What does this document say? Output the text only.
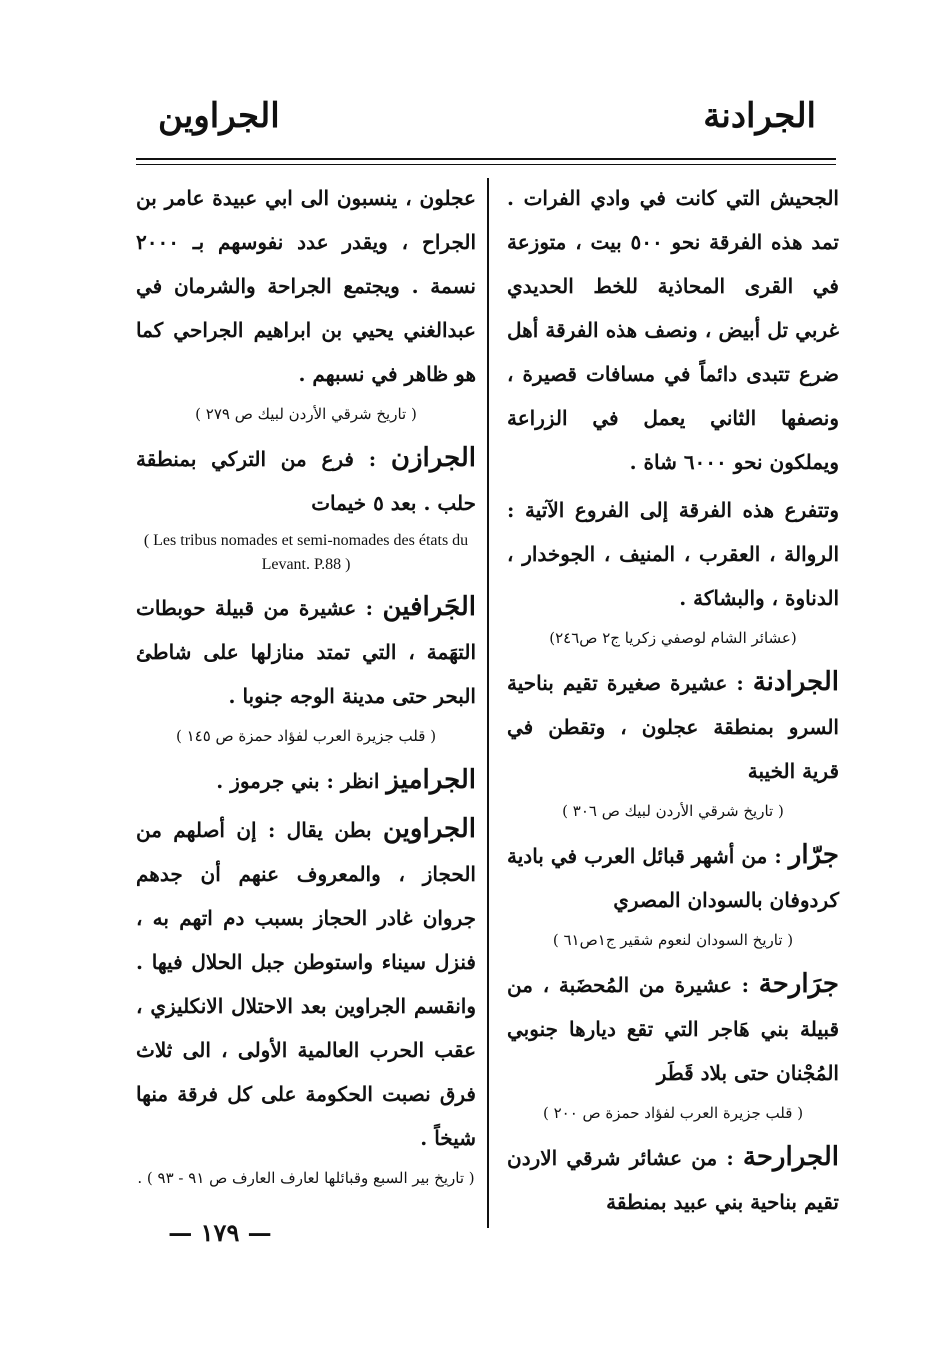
الجرادنة
الجراوين

الجحيش التي كانت في وادي الفرات . تمد هذه الفرقة نحو ٥٠٠ بيت ، متوزعة في القرى المحاذية للخط الحديدي غربي تل أبيض ، ونصف هذه الفرقة أهل ضرع تتبدى دائماً في مسافات قصيرة ، ونصفها الثاني يعمل في الزراعة ويملكون نحو ٦٠٠٠ شاة .

وتتفرع هذه الفرقة إلى الفروع الآتية : الروالة ، العقرب ، المنيف ، الجوخدار ، الدناوة ، والبشاكة .

(عشائر الشام لوصفي زكريا ج٢ ص٢٤٦)

الجرادنة : عشيرة صغيرة تقيم بناحية السرو بمنطقة عجلون ، وتقطن في قرية الخيبة

( تاريخ شرقي الأردن لبيك ص ٣٠٦ )

جرّار : من أشهر قبائل العرب في بادية كردوفان بالسودان المصري

( تاريخ السودان لنعوم شقير ج١ص٦١ )

جرَارحة : عشيرة من المُحضَبة ، من قبيلة بني هَاجر التي تقع ديارها جنوبي المُجْنان حتى بلاد قَطَر

( قلب جزيرة العرب لفؤاد حمزة ص ٢٠٠ )

الجرارحة : من عشائر شرقي الاردن تقيم بناحية بني عبيد بمنطقة

عجلون ، ينسبون الى ابي عبيدة عامر بن الجراح ، ويقدر عدد نفوسهم بـ ٢٠٠٠ نسمة . ويجتمع الجراحة والشرمان في عبدالغني يحيي بن ابراهيم الجراحي كما هو ظاهر في نسبهم .

( تاريخ شرقي الأردن لبيك ص ٢٧٩ )

الجرازن : فرع من التركي بمنطقة حلب . بعد ٥ خيمات

( Les tribus nomades et semi-nomades des états du Levant. P.88 )

الجَرافين : عشيرة من قبيلة حوبطات التهَمة ، التي تمتد منازلها على شاطئ البحر حتى مدينة الوجه جنوبا .

( قلب جزيرة العرب لفؤاد حمزة ص ١٤٥ )

الجراميز انظر : بني جرموز .

الجراوين بطن يقال : إن أصلهم من الحجاز ، والمعروف عنهم أن جدهم جروان غادر الحجاز بسبب دم اتهم به ، فنزل سيناء واستوطن جبل الحلال فيها . وانقسم الجراوين بعد الاحتلال الانكليزي ، عقب الحرب العالمية الأولى ، الى ثلاث فرق نصبت الحكومة على كل فرقة منها شيخاً .

( تاريخ بير السبع وقبائلها لعارف العارف ص ٩١ - ٩٣ ) .

— ١٧٩ —
